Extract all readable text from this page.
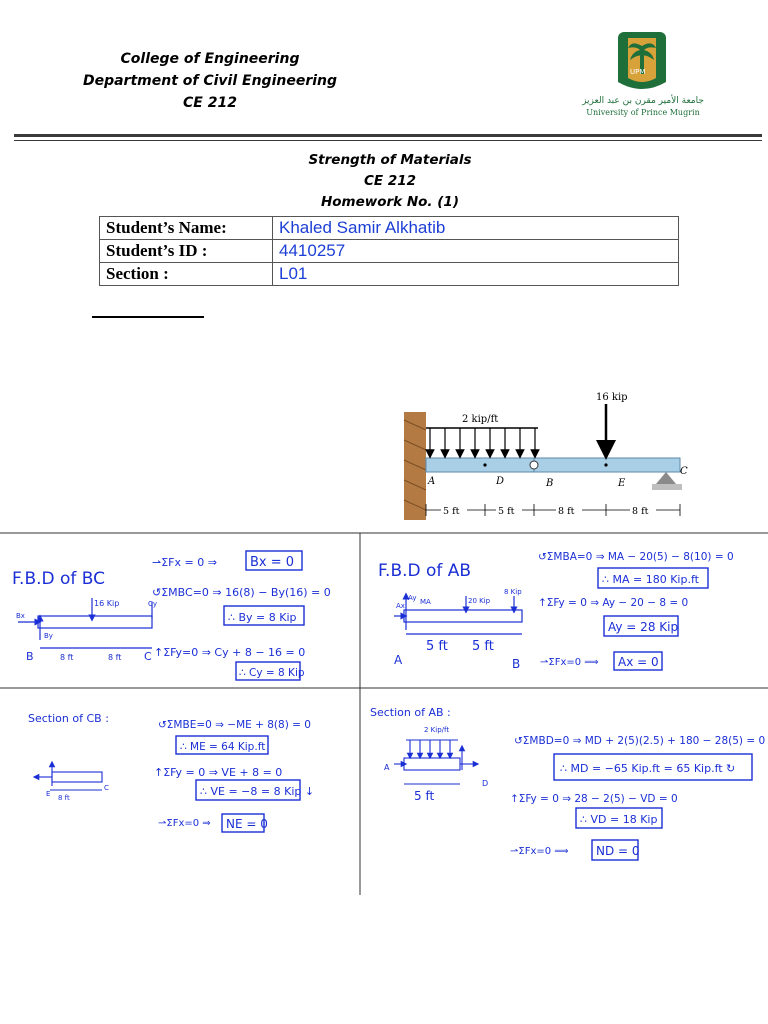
College of Engineering
Department of Civil Engineering
CE 212
UPM
جامعة الأمير مقرن بن عبد العزيز
University of Prince Mugrin
Strength of Materials
CE 212
Homework No. (1)
Student’s Name:	Khaled Samir Alkhatib
Student’s ID :	4410257
Section :	L01
2 kip/ft
16 kip
A	D	B	E
C
5 ft	5 ft	8 ft	8 ft
F.B.D of BC
⇀ΣFx = 0 ⇒	Bx = 0
↺ΣMBC=0 ⇒ 16(8) − By(16) = 0
∴ By = 8 Kip
↑ΣFy=0 ⇒ Cy + 8 − 16 = 0
∴ Cy = 8 Kip
Bx
By
Cy
16 Kip
8 ft	8 ft
B	C
F.B.D of AB
↺ΣMBA=0 ⇒ MA − 20(5) − 8(10) = 0
∴ MA = 180 Kip.ft
↑ΣFy = 0 ⇒ Ay − 20 − 8 = 0
Ay = 28 Kip
⇀ΣFx=0 ⟹ Ax = 0
Ax
Ay MA	20 Kip
8 Kip
5 ft 5 ft
A	B
Section of CB :	↺ΣMBE=0 ⇒ −ME + 8(8) = 0
∴ ME = 64 Kip.ft
↑ΣFy = 0 ⇒ VE + 8 = 0
∴ VE = −8 = 8 Kip ↓
⇀ΣFx=0 ⇒ NE = 0
8 ft
E
C
Section of AB :
↺ΣMBD=0 ⇒ MD + 2(5)(2.5) + 180 − 28(5) = 0
∴ MD = −65 Kip.ft = 65 Kip.ft ↻
↑ΣFy = 0 ⇒ 28 − 2(5) − VD = 0
∴ VD = 18 Kip
⇀ΣFx=0 ⟹ ND = 0
2 Kip/ft
5 ft
A
D
